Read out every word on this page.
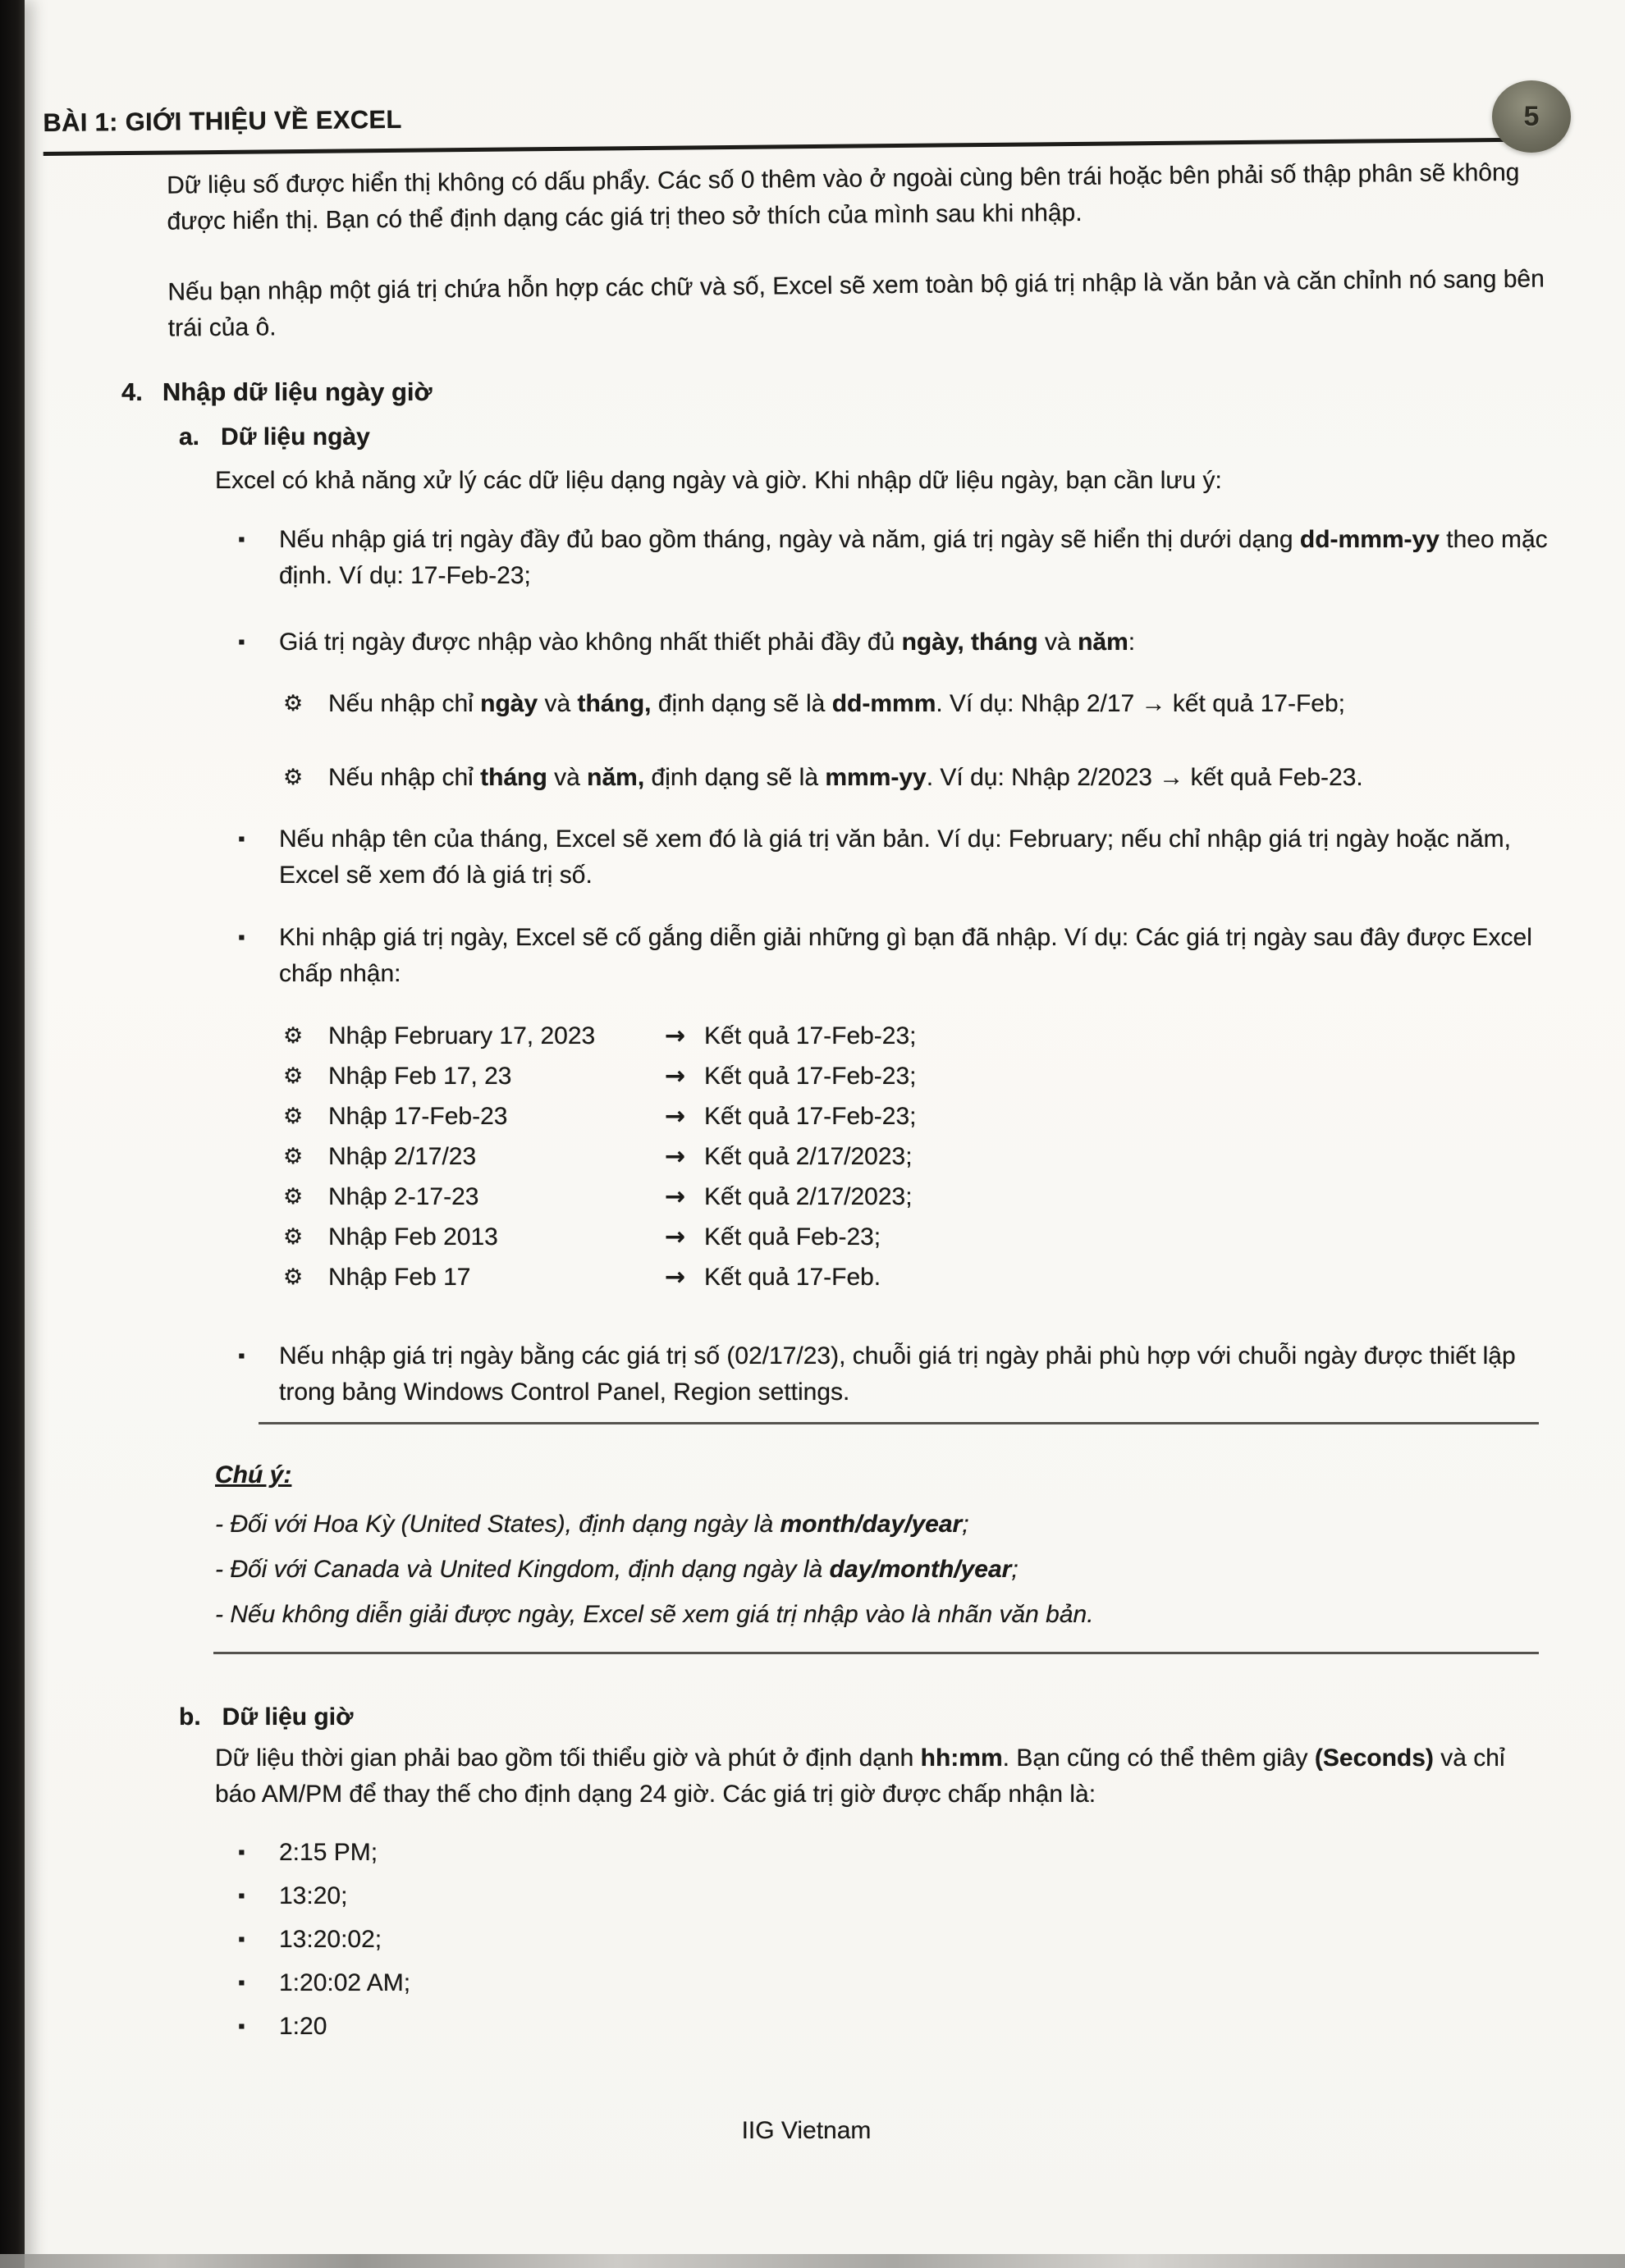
5
BÀI 1: GIỚI THIỆU VỀ EXCEL

Dữ liệu số được hiển thị không có dấu phẩy. Các số 0 thêm vào ở ngoài cùng bên trái hoặc bên phải số thập phân sẽ không được hiển thị. Bạn có thể định dạng các giá trị theo sở thích của mình sau khi nhập.

Nếu bạn nhập một giá trị chứa hỗn hợp các chữ và số, Excel sẽ xem toàn bộ giá trị nhập là văn bản và căn chỉnh nó sang bên trái của ô.

4. Nhập dữ liệu ngày giờ
a. Dữ liệu ngày

Excel có khả năng xử lý các dữ liệu dạng ngày và giờ. Khi nhập dữ liệu ngày, bạn cần lưu ý:

▪	Nếu nhập giá trị ngày đầy đủ bao gồm tháng, ngày và năm, giá trị ngày sẽ hiển thị dưới dạng dd-mmm-yy theo mặc định. Ví dụ: 17-Feb-23;
▪	Giá trị ngày được nhập vào không nhất thiết phải đầy đủ ngày, tháng và năm:
⚙	Nếu nhập chỉ ngày và tháng, định dạng sẽ là dd-mmm. Ví dụ: Nhập 2/17 → kết quả 17-Feb;
⚙	Nếu nhập chỉ tháng và năm, định dạng sẽ là mmm-yy. Ví dụ: Nhập 2/2023 → kết quả Feb-23.
▪	Nếu nhập tên của tháng, Excel sẽ xem đó là giá trị văn bản. Ví dụ: February; nếu chỉ nhập giá trị ngày hoặc năm, Excel sẽ xem đó là giá trị số.
▪	Khi nhập giá trị ngày, Excel sẽ cố gắng diễn giải những gì bạn đã nhập. Ví dụ: Các giá trị ngày sau đây được Excel chấp nhận:
⚙	Nhập February 17, 2023	→ Kết quả 17-Feb-23;
⚙	Nhập Feb 17, 23	→ Kết quả 17-Feb-23;
⚙	Nhập 17-Feb-23	→ Kết quả 17-Feb-23;
⚙	Nhập 2/17/23	→ Kết quả 2/17/2023;
⚙	Nhập 2-17-23	→ Kết quả 2/17/2023;
⚙	Nhập Feb 2013	→ Kết quả Feb-23;
⚙	Nhập Feb 17	→ Kết quả 17-Feb.
▪	Nếu nhập giá trị ngày bằng các giá trị số (02/17/23), chuỗi giá trị ngày phải phù hợp với chuỗi ngày được thiết lập trong bảng Windows Control Panel, Region settings.
Chú ý:

- Đối với Hoa Kỳ (United States), định dạng ngày là month/day/year;

- Đối với Canada và United Kingdom, định dạng ngày là day/month/year;

- Nếu không diễn giải được ngày, Excel sẽ xem giá trị nhập vào là nhãn văn bản.

b. Dữ liệu giờ

Dữ liệu thời gian phải bao gồm tối thiểu giờ và phút ở định dạnh hh:mm. Bạn cũng có thể thêm giây (Seconds) và chỉ báo AM/PM để thay thế cho định dạng 24 giờ. Các giá trị giờ được chấp nhận là:

▪	2:15 PM;
▪	13:20;
▪	13:20:02;
▪	1:20:02 AM;
▪	1:20
IIG Vietnam
